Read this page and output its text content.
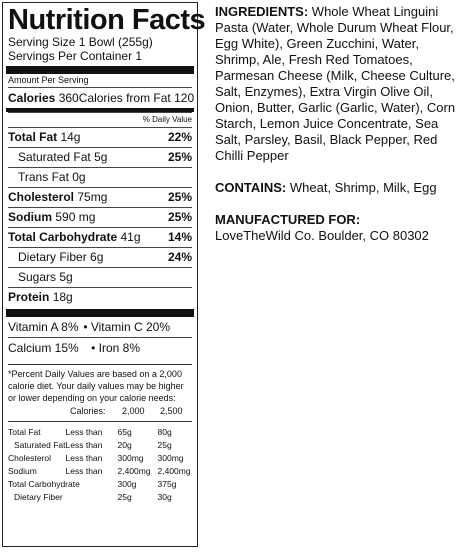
Nutrition Facts
Serving Size 1 Bowl (255g)
Servings Per Container 1
Amount Per Serving
Calories 360 Calories from Fat 120
% Daily Value
Total Fat 14g	22%
Saturated Fat 5g	25%
Trans Fat 0g
Cholesterol 75mg	25%
Sodium 590 mg	25%
Total Carbohydrate 41g 14%
Dietary Fiber 6g	24%
Sugars 5g
Protein 18g
Vitamin A 8% • Vitamin C 20%
Calcium 15% • Iron 8%
*Percent Daily Values are based on a 2,000 calorie diet. Your daily values may be higher or lower depending on your calorie needs:
	Calories:	2,000	2,500
Total Fat	Less than	65g	80g
Saturated Fat	Less than	20g	25g
Cholesterol	Less than	300mg	300mg
Sodium	Less than	2,400mg	2,400mg
Total Carbohydrate		300g	375g
Dietary Fiber		25g	30g

INGREDIENTS: Whole Wheat Linguini Pasta (Water, Whole Durum Wheat Flour, Egg White), Green Zucchini, Water, Shrimp, Ale, Fresh Red Tomatoes, Parmesan Cheese (Milk, Cheese Culture, Salt, Enzymes), Extra Virgin Olive Oil, Onion, Butter, Garlic (Garlic, Water), Corn Starch, Lemon Juice Concentrate, Sea Salt, Parsley, Basil, Black Pepper, Red Chilli Pepper

CONTAINS: Wheat, Shrimp, Milk, Egg

MANUFACTURED FOR:
LoveTheWild Co. Boulder, CO 80302
